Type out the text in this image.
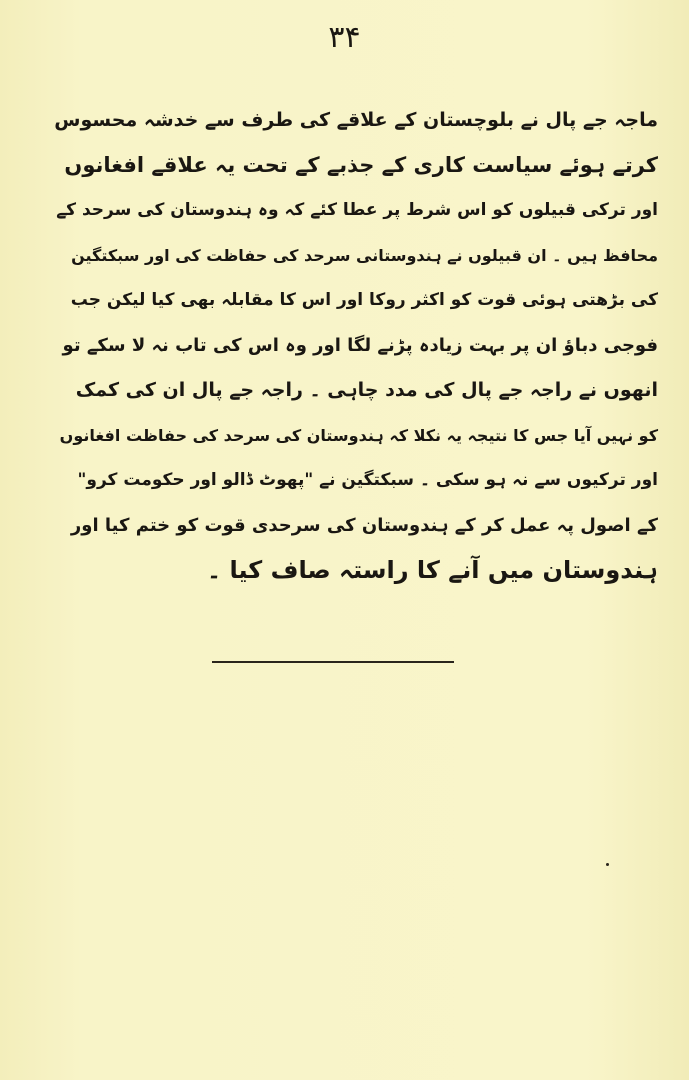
۳۴
ماجہ جے پال نے بلوچستان کے علاقے کی طرف سے خدشہ محسوس
کرتے ہوئے سیاست کاری کے جذبے کے تحت یہ علاقے افغانوں
اور ترکی قبیلوں کو اس شرط پر عطا کئے کہ وہ ہندوستان کی سرحد کے
محافظ ہیں ۔ ان قبیلوں نے ہندوستانی سرحد کی حفاظت کی اور سبکتگین
کی بڑھتی ہوئی قوت کو اکثر روکا اور اس کا مقابلہ بھی کیا لیکن جب
فوجی دباؤ ان پر بہت زیادہ پڑنے لگا اور وہ اس کی تاب نہ لا سکے تو
انھوں نے راجہ جے پال کی مدد چاہی ۔ راجہ جے پال ان کی کمک
کو نہیں آیا جس کا نتیجہ یہ نکلا کہ ہندوستان کی سرحد کی حفاظت افغانوں
اور ترکیوں سے نہ ہو سکی ۔ سبکتگین نے "پھوٹ ڈالو اور حکومت کرو"
کے اصول پہ عمل کر کے ہندوستان کی سرحدی قوت کو ختم کیا اور
ہندوستان میں آنے کا راستہ صاف کیا ۔
